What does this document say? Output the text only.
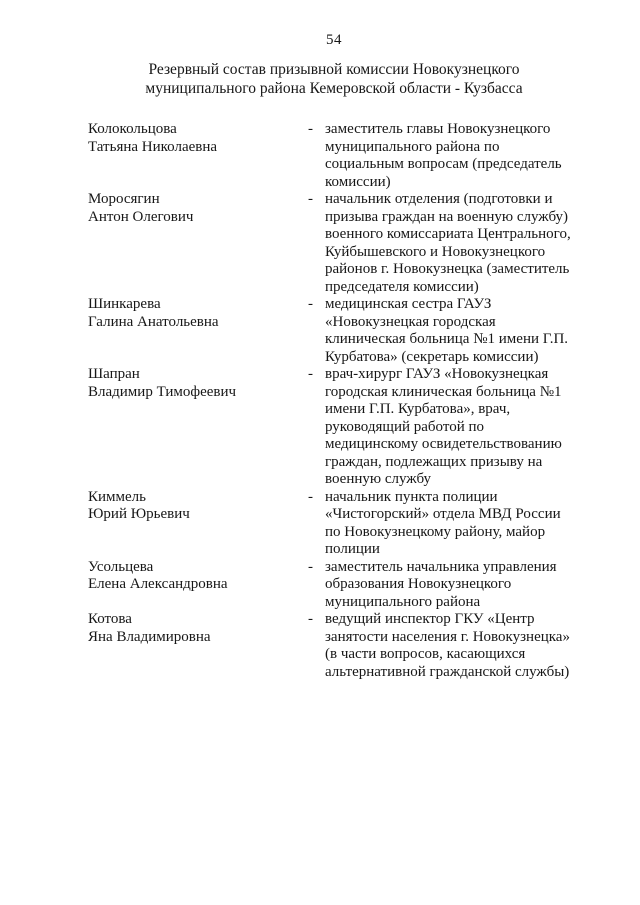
54
Резервный состав призывной комиссии Новокузнецкого
муниципального района Кемеровской области - Кузбасса
Колокольцова
Татьяна Николаевна
- заместитель главы Новокузнецкого муниципального района по социальным вопросам (председатель комиссии)
Моросягин
Антон Олегович
- начальник отделения (подготовки и призыва граждан на военную службу) военного комиссариата Центрального, Куйбышевского и Новокузнецкого районов г. Новокузнецка (заместитель председателя комиссии)
Шинкарева
Галина Анатольевна
- медицинская сестра ГАУЗ «Новокузнецкая городская клиническая больница №1 имени Г.П. Курбатова» (секретарь комиссии)
Шапран
Владимир Тимофеевич
- врач-хирург ГАУЗ «Новокузнецкая городская клиническая больница №1 имени Г.П. Курбатова», врач, руководящий работой по медицинскому освидетельствованию граждан, подлежащих призыву на военную службу
Киммель
Юрий Юрьевич
- начальник пункта полиции «Чистогорский» отдела МВД России по Новокузнецкому району, майор полиции
Усольцева
Елена Александровна
- заместитель начальника управления образования Новокузнецкого муниципального района
Котова
Яна Владимировна
- ведущий инспектор ГКУ «Центр занятости населения г. Новокузнецка» (в части вопросов, касающихся альтернативной гражданской службы)
